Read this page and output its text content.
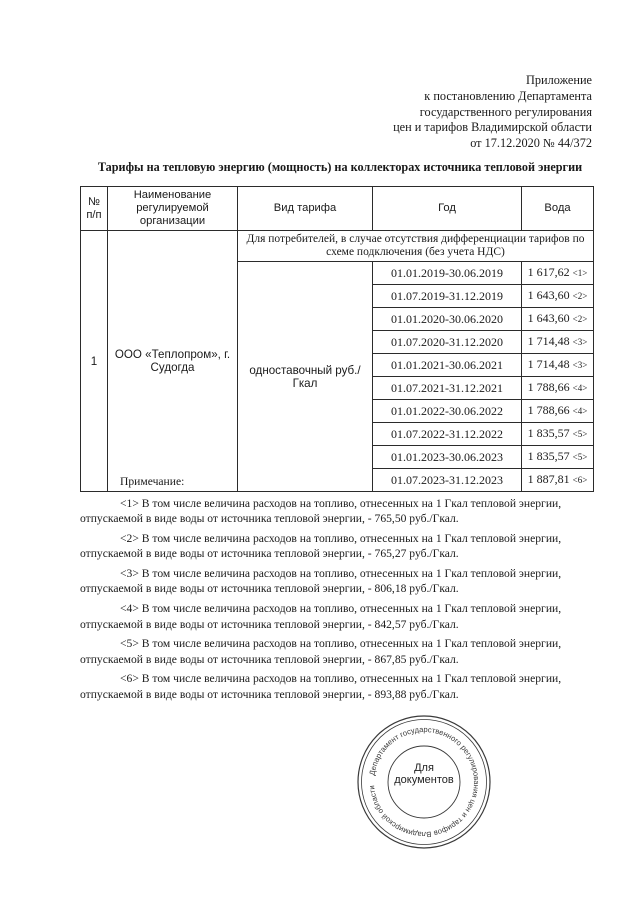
Приложение
к постановлению Департамента
государственного регулирования
цен и тарифов Владимирской области
от 17.12.2020 № 44/372
Тарифы на тепловую энергию (мощность) на коллекторах источника тепловой энергии
№ п/п	Наименование регулируемой организации	Вид тарифа	Год	Вода
1	ООО «Теплопром», г. Судогда	Для потребителей, в случае отсутствия дифференциации тарифов по схеме подключения (без учета НДС)		
		одноставочный руб./Гкал	01.01.2019-30.06.2019	1 617,62 <1>
			01.07.2019-31.12.2019	1 643,60 <2>
			01.01.2020-30.06.2020	1 643,60 <2>
			01.07.2020-31.12.2020	1 714,48 <3>
			01.01.2021-30.06.2021	1 714,48 <3>
			01.07.2021-31.12.2021	1 788,66 <4>
			01.01.2022-30.06.2022	1 788,66 <4>
			01.07.2022-31.12.2022	1 835,57 <5>
			01.01.2023-30.06.2023	1 835,57 <5>
			01.07.2023-31.12.2023	1 887,81 <6>
Примечание:

<1> В том числе величина расходов на топливо, отнесенных на 1 Гкал тепловой энергии, отпускаемой в виде воды от источника тепловой энергии, - 765,50 руб./Гкал.

<2> В том числе величина расходов на топливо, отнесенных на 1 Гкал тепловой энергии, отпускаемой в виде воды от источника тепловой энергии, - 765,27 руб./Гкал.

<3> В том числе величина расходов на топливо, отнесенных на 1 Гкал тепловой энергии, отпускаемой в виде воды от источника тепловой энергии, - 806,18 руб./Гкал.

<4> В том числе величина расходов на топливо, отнесенных на 1 Гкал тепловой энергии, отпускаемой в виде воды от источника тепловой энергии, - 842,57 руб./Гкал.

<5> В том числе величина расходов на топливо, отнесенных на 1 Гкал тепловой энергии, отпускаемой в виде воды от источника тепловой энергии, - 867,85 руб./Гкал.

<6> В том числе величина расходов на топливо, отнесенных на 1 Гкал тепловой энергии, отпускаемой в виде воды от источника тепловой энергии, - 893,88 руб./Гкал.

Департамент государственного регулирования цен и тарифов Владимирской области
Для документов
